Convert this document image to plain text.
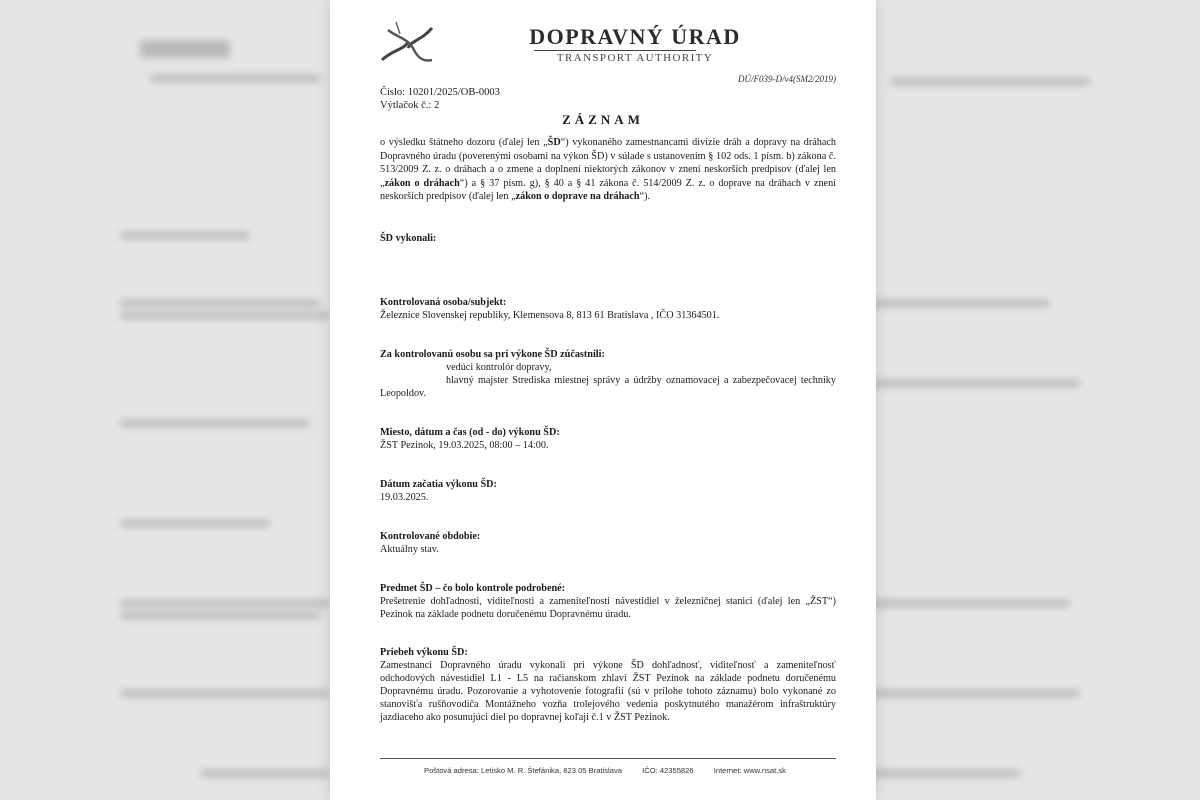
DOPRAVNÝ ÚRAD
TRANSPORT AUTHORITY
DÚ/F039-D/v4(SM2/2019)
Číslo: 10201/2025/OB-0003
Výtlačok č.: 2
ZÁZNAM
o výsledku štátneho dozoru (ďalej len „ŠD“) vykonaného zamestnancami divízie dráh a dopravy na dráhach Dopravného úradu (poverenými osobami na výkon ŠD) v súlade s ustanovením § 102 ods. 1 písm. b) zákona č. 513/2009 Z. z. o dráhach a o zmene a doplnení niektorých zákonov v znení neskorších predpisov (ďalej len „zákon o dráhach“) a § 37 písm. g), § 40 a § 41 zákona č. 514/2009 Z. z. o doprave na dráhach v znení neskorších predpisov (ďalej len „zákon o doprave na dráhach“).
ŠD vykonali:
Kontrolovaná osoba/subjekt:
Železnice Slovenskej republiky, Klemensova 8, 813 61 Bratislava , IČO 31364501.
Za kontrolovanú osobu sa pri výkone ŠD zúčastnili:
vedúci kontrolór dopravy,
hlavný majster Strediska miestnej správy a údržby oznamovacej a zabezpečovacej techniky Leopoldov.
Miesto, dátum a čas (od - do) výkonu ŠD:
ŽST Pezinok, 19.03.2025, 08:00 – 14:00.
Dátum začatia výkonu ŠD:
19.03.2025.
Kontrolované obdobie:
Aktuálny stav.
Predmet ŠD – čo bolo kontrole podrobené:
Prešetrenie dohľadnosti, viditeľnosti a zameniteľnosti návestidiel v železničnej stanici (ďalej len „ŽST“) Pezinok na základe podnetu doručenému Dopravnému úradu.
Priebeh výkonu ŠD:
Zamestnanci Dopravného úradu vykonali pri výkone ŠD dohľadnosť, viditeľnosť a zameniteľnosť odchodových návestidiel L1 - L5 na račianskom zhlaví ŽST Pezinok na základe podnetu doručenému Dopravnému úradu. Pozorovanie a vyhotovenie fotografií (sú v prílohe tohoto záznamu) bolo vykonané zo stanovišťa rušňovodiča Montážneho vozňa trolejového vedenia poskytnutého manažérom infraštruktúry jazdiaceho ako posunujúci diel po dopravnej koľaji č.1 v ŽST Pezinok.
Poštová adresa: Letisko M. R. Štefánika, 823 05 Bratislava	IČO: 42355826	Internet: www.nsat.sk
